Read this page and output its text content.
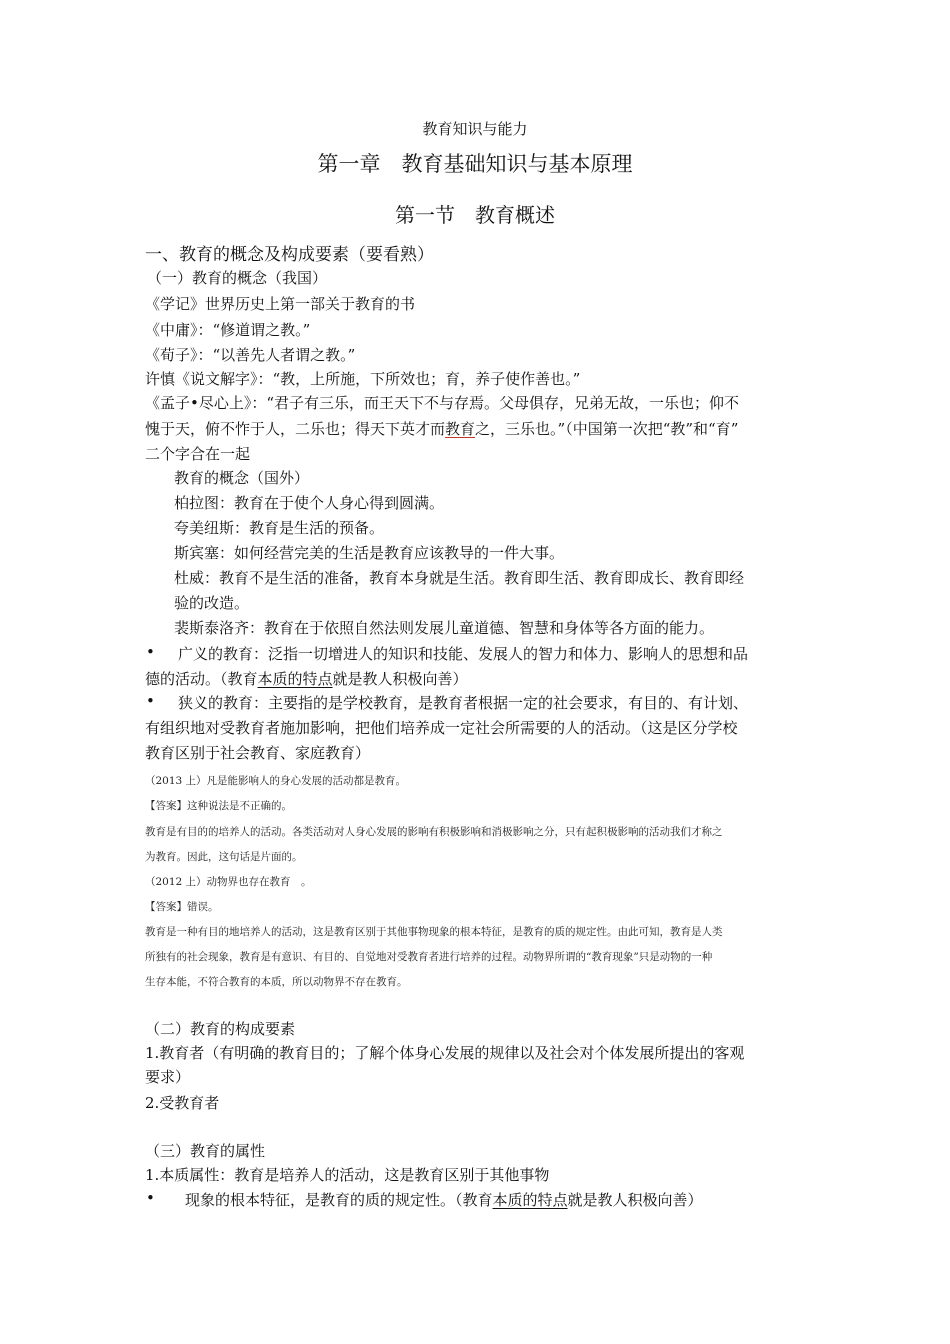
教育知识与能力
第一章　教育基础知识与基本原理
第一节　教育概述
一、教育的概念及构成要素（要看熟）
（一）教育的概念（我国）
《学记》世界历史上第一部关于教育的书
《中庸》：“修道谓之教。”
《荀子》：“以善先人者谓之教。”
许慎《说文解字》：“教，上所施，下所效也；育，养子使作善也。”
《孟子•尽心上》：“君子有三乐，而王天下不与存焉。父母俱存，兄弟无故，一乐也；仰不
愧于天，俯不怍于人，二乐也；得天下英才而教育之，三乐也。”（中国第一次把“教”和“育”
二个字合在一起
教育的概念（国外）
柏拉图：教育在于使个人身心得到圆满。
夸美纽斯：教育是生活的预备。
斯宾塞：如何经营完美的生活是教育应该教导的一件大事。
杜威：教育不是生活的准备，教育本身就是生活。教育即生活、教育即成长、教育即经
验的改造。
裴斯泰洛齐：教育在于依照自然法则发展儿童道德、智慧和身体等各方面的能力。
• 广义的教育：泛指一切增进人的知识和技能、发展人的智力和体力、影响人的思想和品
德的活动。（教育本质的特点就是教人积极向善）
• 狭义的教育：主要指的是学校教育，是教育者根据一定的社会要求，有目的、有计划、
有组织地对受教育者施加影响，把他们培养成一定社会所需要的人的活动。（这是区分学校
教育区别于社会教育、家庭教育）
（2013 上）凡是能影响人的身心发展的活动都是教育。
【答案】这种说法是不正确的。
教育是有目的的培养人的活动。各类活动对人身心发展的影响有积极影响和消极影响之分，只有起积极影响的活动我们才称之
为教育。因此，这句话是片面的。
（2012 上）动物界也存在教育　。
【答案】错误。
教育是一种有目的地培养人的活动，这是教育区别于其他事物现象的根本特征，是教育的质的规定性。由此可知，教育是人类
所独有的社会现象，教育是有意识、有目的、自觉地对受教育者进行培养的过程。动物界所谓的“教育现象”只是动物的一种
生存本能，不符合教育的本质，所以动物界不存在教育。
（二）教育的构成要素
1.教育者（有明确的教育目的；了解个体身心发展的规律以及社会对个体发展所提出的客观
要求）
2.受教育者
（三）教育的属性
1.本质属性：教育是培养人的活动，这是教育区别于其他事物
• 现象的根本特征，是教育的质的规定性。（教育本质的特点就是教人积极向善）
